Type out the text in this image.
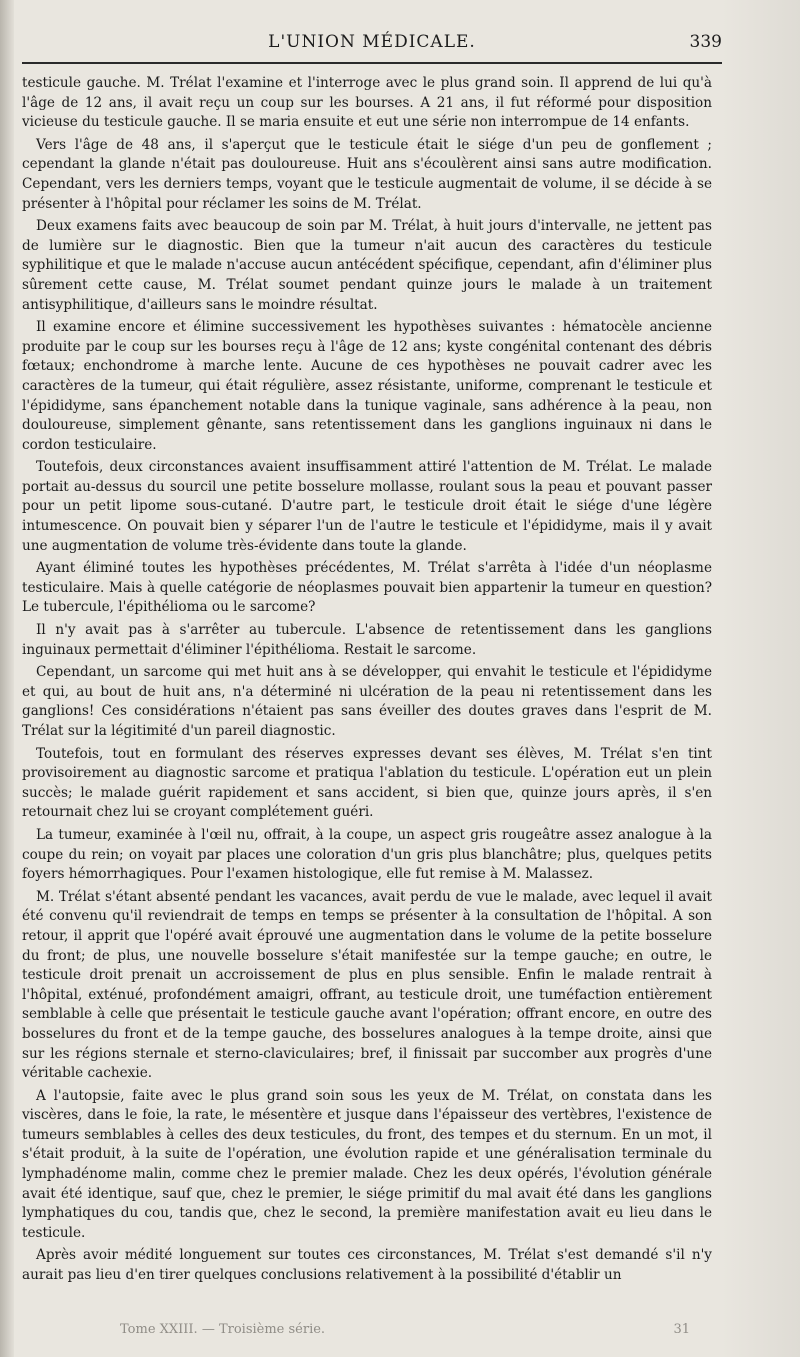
L'UNION MÉDICALE.	339

testicule gauche. M. Trélat l'examine et l'interroge avec le plus grand soin. Il apprend de lui qu'à l'âge de 12 ans, il avait reçu un coup sur les bourses. A 21 ans, il fut réformé pour disposition vicieuse du testicule gauche. Il se maria ensuite et eut une série non interrompue de 14 enfants.

Vers l'âge de 48 ans, il s'aperçut que le testicule était le siége d'un peu de gonflement ; cependant la glande n'était pas douloureuse. Huit ans s'écoulèrent ainsi sans autre modification. Cependant, vers les derniers temps, voyant que le testicule augmentait de volume, il se décide à se présenter à l'hôpital pour réclamer les soins de M. Trélat.

Deux examens faits avec beaucoup de soin par M. Trélat, à huit jours d'intervalle, ne jettent pas de lumière sur le diagnostic. Bien que la tumeur n'ait aucun des caractères du testicule syphilitique et que le malade n'accuse aucun antécédent spécifique, cependant, afin d'éliminer plus sûrement cette cause, M. Trélat soumet pendant quinze jours le malade à un traitement antisyphilitique, d'ailleurs sans le moindre résultat.

Il examine encore et élimine successivement les hypothèses suivantes : hématocèle ancienne produite par le coup sur les bourses reçu à l'âge de 12 ans; kyste congénital contenant des débris fœtaux; enchondrome à marche lente. Aucune de ces hypothèses ne pouvait cadrer avec les caractères de la tumeur, qui était régulière, assez résistante, uniforme, comprenant le testicule et l'épididyme, sans épanchement notable dans la tunique vaginale, sans adhérence à la peau, non douloureuse, simplement gênante, sans retentissement dans les ganglions inguinaux ni dans le cordon testiculaire.

Toutefois, deux circonstances avaient insuffisamment attiré l'attention de M. Trélat. Le malade portait au-dessus du sourcil une petite bosselure mollasse, roulant sous la peau et pouvant passer pour un petit lipome sous-cutané. D'autre part, le testicule droit était le siége d'une légère intumescence. On pouvait bien y séparer l'un de l'autre le testicule et l'épididyme, mais il y avait une augmentation de volume très-évidente dans toute la glande.

Ayant éliminé toutes les hypothèses précédentes, M. Trélat s'arrêta à l'idée d'un néoplasme testiculaire. Mais à quelle catégorie de néoplasmes pouvait bien appartenir la tumeur en question? Le tubercule, l'épithélioma ou le sarcome?

Il n'y avait pas à s'arrêter au tubercule. L'absence de retentissement dans les ganglions inguinaux permettait d'éliminer l'épithélioma. Restait le sarcome.

Cependant, un sarcome qui met huit ans à se développer, qui envahit le testicule et l'épididyme et qui, au bout de huit ans, n'a déterminé ni ulcération de la peau ni retentissement dans les ganglions! Ces considérations n'étaient pas sans éveiller des doutes graves dans l'esprit de M. Trélat sur la légitimité d'un pareil diagnostic.

Toutefois, tout en formulant des réserves expresses devant ses élèves, M. Trélat s'en tint provisoirement au diagnostic sarcome et pratiqua l'ablation du testicule. L'opération eut un plein succès; le malade guérit rapidement et sans accident, si bien que, quinze jours après, il s'en retournait chez lui se croyant complétement guéri.

La tumeur, examinée à l'œil nu, offrait, à la coupe, un aspect gris rougeâtre assez analogue à la coupe du rein; on voyait par places une coloration d'un gris plus blanchâtre; plus, quelques petits foyers hémorrhagiques. Pour l'examen histologique, elle fut remise à M. Malassez.

M. Trélat s'étant absenté pendant les vacances, avait perdu de vue le malade, avec lequel il avait été convenu qu'il reviendrait de temps en temps se présenter à la consultation de l'hôpital. A son retour, il apprit que l'opéré avait éprouvé une augmentation dans le volume de la petite bosselure du front; de plus, une nouvelle bosselure s'était manifestée sur la tempe gauche; en outre, le testicule droit prenait un accroissement de plus en plus sensible. Enfin le malade rentrait à l'hôpital, exténué, profondément amaigri, offrant, au testicule droit, une tuméfaction entièrement semblable à celle que présentait le testicule gauche avant l'opération; offrant encore, en outre des bosselures du front et de la tempe gauche, des bosselures analogues à la tempe droite, ainsi que sur les régions sternale et sterno-claviculaires; bref, il finissait par succomber aux progrès d'une véritable cachexie.

A l'autopsie, faite avec le plus grand soin sous les yeux de M. Trélat, on constata dans les viscères, dans le foie, la rate, le mésentère et jusque dans l'épaisseur des vertèbres, l'existence de tumeurs semblables à celles des deux testicules, du front, des tempes et du sternum. En un mot, il s'était produit, à la suite de l'opération, une évolution rapide et une généralisation terminale du lymphadénome malin, comme chez le premier malade. Chez les deux opérés, l'évolution générale avait été identique, sauf que, chez le premier, le siége primitif du mal avait été dans les ganglions lymphatiques du cou, tandis que, chez le second, la première manifestation avait eu lieu dans le testicule.

Après avoir médité longuement sur toutes ces circonstances, M. Trélat s'est demandé s'il n'y aurait pas lieu d'en tirer quelques conclusions relativement à la possibilité d'établir un

Tome XXIII. — Troisième série.	31
